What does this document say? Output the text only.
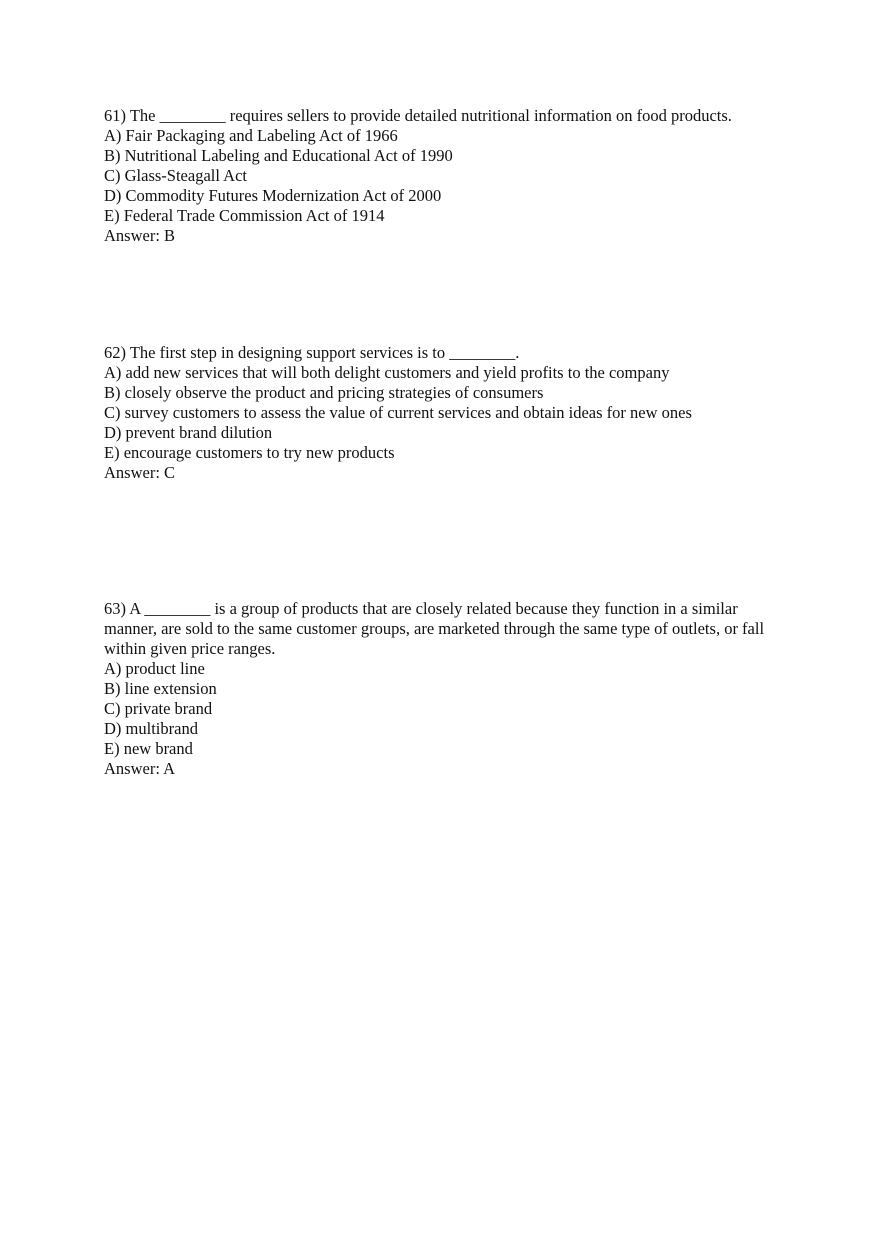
61) The ________ requires sellers to provide detailed nutritional information on food products.
A) Fair Packaging and Labeling Act of 1966
B) Nutritional Labeling and Educational Act of 1990
C) Glass-Steagall Act
D) Commodity Futures Modernization Act of 2000
E) Federal Trade Commission Act of 1914
Answer: B
62) The first step in designing support services is to ________.
A) add new services that will both delight customers and yield profits to the company
B) closely observe the product and pricing strategies of consumers
C) survey customers to assess the value of current services and obtain ideas for new ones
D) prevent brand dilution
E) encourage customers to try new products
Answer: C
63) A ________ is a group of products that are closely related because they function in a similar manner, are sold to the same customer groups, are marketed through the same type of outlets, or fall within given price ranges.
A) product line
B) line extension
C) private brand
D) multibrand
E) new brand
Answer: A
